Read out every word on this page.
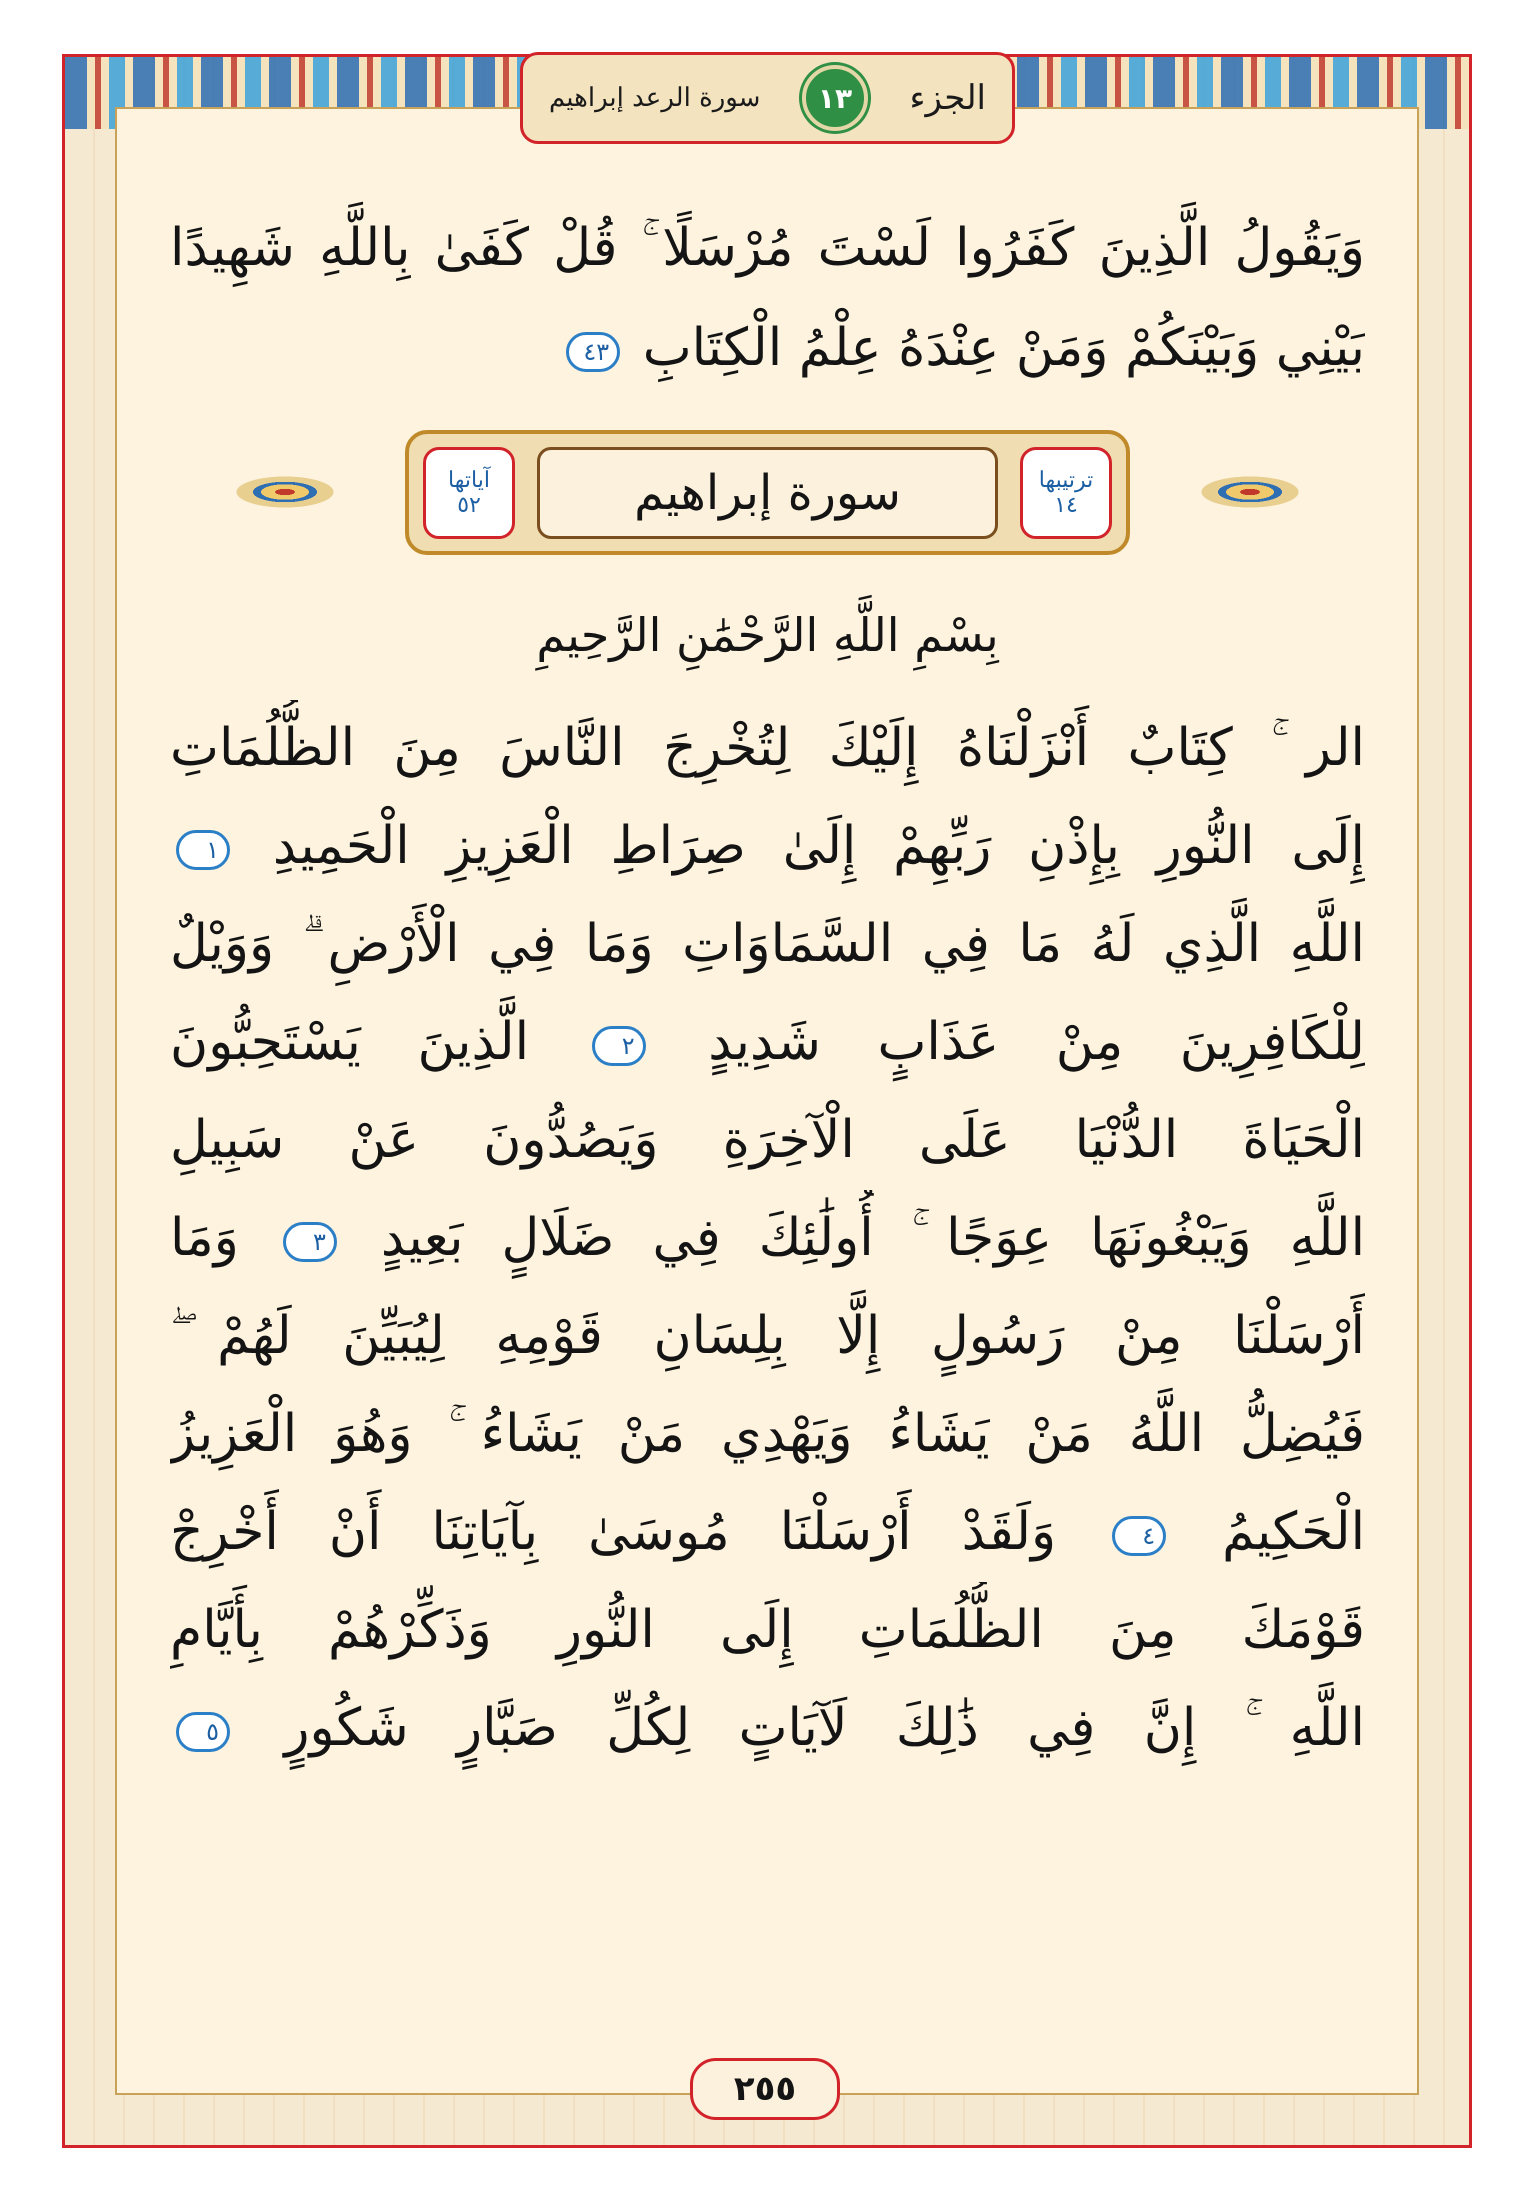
الجزء
١٣
سورة الرعد إبراهيم
وَيَقُولُ الَّذِينَ كَفَرُوا لَسْتَ مُرْسَلًا ۚ قُلْ كَفَىٰ بِاللَّهِ شَهِيدًا
بَيْنِي وَبَيْنَكُمْ وَمَنْ عِنْدَهُ عِلْمُ الْكِتَابِ ٤٣
ترتيبها
١٤
سورة إبراهيم
آياتها
٥٢
بِسْمِ اللَّهِ الرَّحْمَٰنِ الرَّحِيمِ
الر ۚ كِتَابٌ أَنْزَلْنَاهُ إِلَيْكَ لِتُخْرِجَ النَّاسَ مِنَ الظُّلُمَاتِ
إِلَى النُّورِ بِإِذْنِ رَبِّهِمْ إِلَىٰ صِرَاطِ الْعَزِيزِ الْحَمِيدِ ١
اللَّهِ الَّذِي لَهُ مَا فِي السَّمَاوَاتِ وَمَا فِي الْأَرْضِ ۗ وَوَيْلٌ
لِلْكَافِرِينَ مِنْ عَذَابٍ شَدِيدٍ ٢ الَّذِينَ يَسْتَحِبُّونَ
الْحَيَاةَ الدُّنْيَا عَلَى الْآخِرَةِ وَيَصُدُّونَ عَنْ سَبِيلِ
اللَّهِ وَيَبْغُونَهَا عِوَجًا ۚ أُولَٰئِكَ فِي ضَلَالٍ بَعِيدٍ ٣ وَمَا
أَرْسَلْنَا مِنْ رَسُولٍ إِلَّا بِلِسَانِ قَوْمِهِ لِيُبَيِّنَ لَهُمْ ۖ
فَيُضِلُّ اللَّهُ مَنْ يَشَاءُ وَيَهْدِي مَنْ يَشَاءُ ۚ وَهُوَ الْعَزِيزُ
الْحَكِيمُ ٤ وَلَقَدْ أَرْسَلْنَا مُوسَىٰ بِآيَاتِنَا أَنْ أَخْرِجْ
قَوْمَكَ مِنَ الظُّلُمَاتِ إِلَى النُّورِ وَذَكِّرْهُمْ بِأَيَّامِ
اللَّهِ ۚ إِنَّ فِي ذَٰلِكَ لَآيَاتٍ لِكُلِّ صَبَّارٍ شَكُورٍ ٥
٢٥٥
